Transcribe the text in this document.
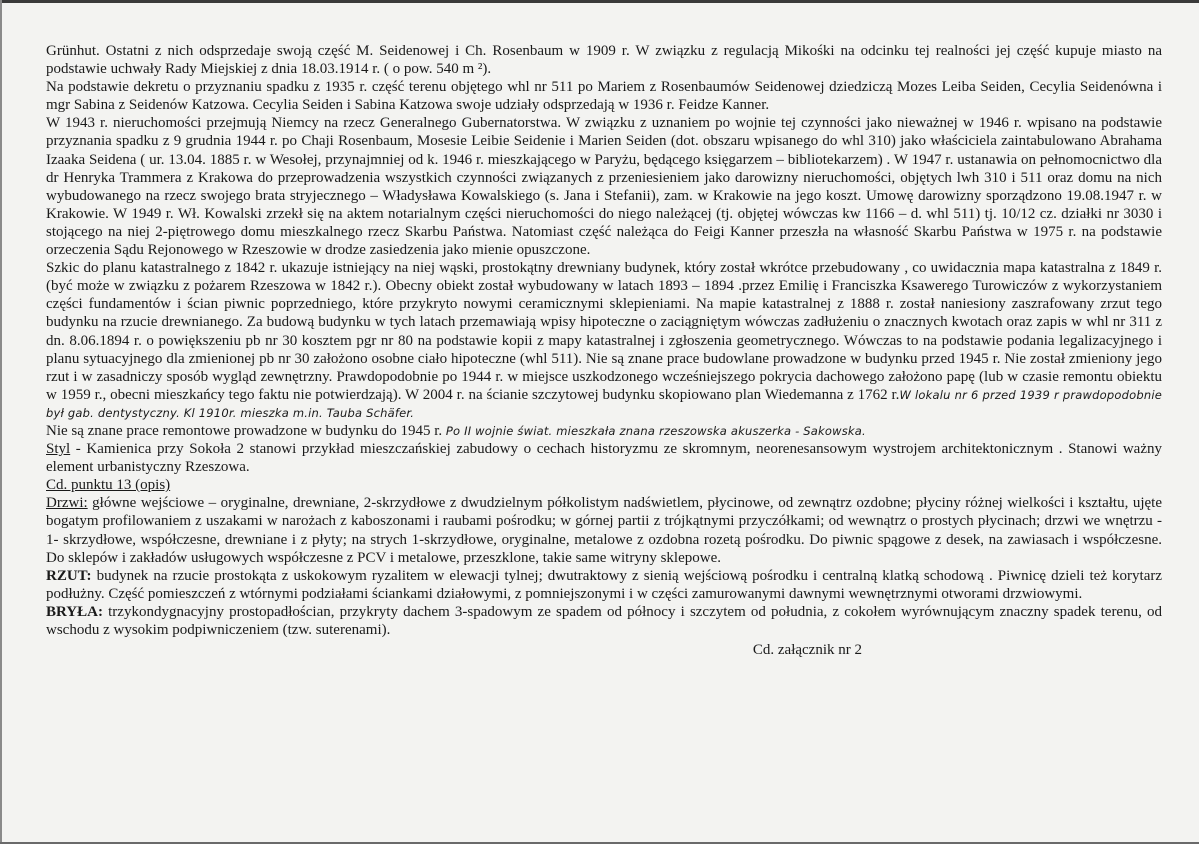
Grünhut. Ostatni z nich odsprzedaje swoją część M. Seidenowej i Ch. Rosenbaum w 1909 r. W związku z regulacją Mikośki na odcinku tej realności jej część kupuje miasto na podstawie uchwały Rady Miejskiej z dnia 18.03.1914 r. ( o pow. 540 m ²).

Na podstawie dekretu o przyznaniu spadku z 1935 r. część terenu objętego whl nr 511 po Mariem z Rosenbaumów Seidenowej dziedziczą Mozes Leiba Seiden, Cecylia Seidenówna i mgr Sabina z Seidenów Katzowa. Cecylia Seiden i Sabina Katzowa swoje udziały odsprzedają w 1936 r. Feidze Kanner.

W 1943 r. nieruchomości przejmują Niemcy na rzecz Generalnego Gubernatorstwa. W związku z uznaniem po wojnie tej czynności jako nieważnej w 1946 r. wpisano na podstawie przyznania spadku z 9 grudnia 1944 r. po Chaji Rosenbaum, Mosesie Leibie Seidenie i Marien Seiden (dot. obszaru wpisanego do whl 310) jako właściciela zaintabulowano Abrahama Izaaka Seidena ( ur. 13.04. 1885 r. w Wesołej, przynajmniej od k. 1946 r. mieszkającego w Paryżu, będącego księgarzem – bibliotekarzem) . W 1947 r. ustanawia on pełnomocnictwo dla dr Henryka Trammera z Krakowa do przeprowadzenia wszystkich czynności związanych z przeniesieniem jako darowizny nieruchomości, objętych lwh 310 i 511 oraz domu na nich wybudowanego na rzecz swojego brata stryjecznego – Władysława Kowalskiego (s. Jana i Stefanii), zam. w Krakowie na jego koszt. Umowę darowizny sporządzono 19.08.1947 r. w Krakowie. W 1949 r. Wł. Kowalski zrzekł się na aktem notarialnym części nieruchomości do niego należącej (tj. objętej wówczas kw 1166 – d. whl 511) tj. 10/12 cz. działki nr 3030 i stojącego na niej 2-piętrowego domu mieszkalnego rzecz Skarbu Państwa. Natomiast część należąca do Feigi Kanner przeszła na własność Skarbu Państwa w 1975 r. na podstawie orzeczenia Sądu Rejonowego w Rzeszowie w drodze zasiedzenia jako mienie opuszczone.

Szkic do planu katastralnego z 1842 r. ukazuje istniejący na niej wąski, prostokątny drewniany budynek, który został wkrótce przebudowany , co uwidacznia mapa katastralna z 1849 r. (być może w związku z pożarem Rzeszowa w 1842 r.). Obecny obiekt został wybudowany w latach 1893 – 1894 .przez Emilię i Franciszka Ksawerego Turowiczów z wykorzystaniem części fundamentów i ścian piwnic poprzedniego, które przykryto nowymi ceramicznymi sklepieniami. Na mapie katastralnej z 1888 r. został naniesiony zaszrafowany zrzut tego budynku na rzucie drewnianego. Za budową budynku w tych latach przemawiają wpisy hipoteczne o zaciągniętym wówczas zadłużeniu o znacznych kwotach oraz zapis w whl nr 311 z dn. 8.06.1894 r. o powiększeniu pb nr 30 kosztem pgr nr 80 na podstawie kopii z mapy katastralnej i zgłoszenia geometrycznego. Wówczas to na podstawie podania legalizacyjnego i planu sytuacyjnego dla zmienionej pb nr 30 założono osobne ciało hipoteczne (whl 511). Nie są znane prace budowlane prowadzone w budynku przed 1945 r. Nie został zmieniony jego rzut i w zasadniczy sposób wygląd zewnętrzny. Prawdopodobnie po 1944 r. w miejsce uszkodzonego wcześniejszego pokrycia dachowego założono papę (lub w czasie remontu obiektu w 1959 r., obecni mieszkańcy tego faktu nie potwierdzają). W 2004 r. na ścianie szczytowej budynku skopiowano plan Wiedemanna z 1762 r.W lokalu nr 6 przed 1939 r prawdopodobnie był gab. dentystyczny. Kl 1910r. mieszka m.in. Tauba Schäfer.

Nie są znane prace remontowe prowadzone w budynku do 1945 r. Po II wojnie świat. mieszkała znana rzeszowska akuszerka - Sakowska.

Styl - Kamienica przy Sokoła 2 stanowi przykład mieszczańskiej zabudowy o cechach historyzmu ze skromnym, neorenesansowym wystrojem architektonicznym . Stanowi ważny element urbanistyczny Rzeszowa.

Cd. punktu 13 (opis)

Drzwi: główne wejściowe – oryginalne, drewniane, 2-skrzydłowe z dwudzielnym półkolistym nadświetlem, płycinowe, od zewnątrz ozdobne; płyciny różnej wielkości i kształtu, ujęte bogatym profilowaniem z uszakami w narożach z kaboszonami i raubami pośrodku; w górnej partii z trójkątnymi przyczółkami; od wewnątrz o prostych płycinach; drzwi we wnętrzu - 1- skrzydłowe, współczesne, drewniane i z płyty; na strych 1-skrzydłowe, oryginalne, metalowe z ozdobna rozetą pośrodku. Do piwnic spągowe z desek, na zawiasach i współczesne. Do sklepów i zakładów usługowych współczesne z PCV i metalowe, przeszklone, takie same witryny sklepowe.

RZUT: budynek na rzucie prostokąta z uskokowym ryzalitem w elewacji tylnej; dwutraktowy z sienią wejściową pośrodku i centralną klatką schodową . Piwnicę dzieli też korytarz podłużny. Część pomieszczeń z wtórnymi podziałami ściankami działowymi, z pomniejszonymi i w części zamurowanymi dawnymi wewnętrznymi otworami drzwiowymi.

BRYŁA: trzykondygnacyjny prostopadłościan, przykryty dachem 3-spadowym ze spadem od północy i szczytem od południa, z cokołem wyrównującym znaczny spadek terenu, od wschodu z wysokim podpiwniczeniem (tzw. suterenami).

Cd. załącznik nr 2
